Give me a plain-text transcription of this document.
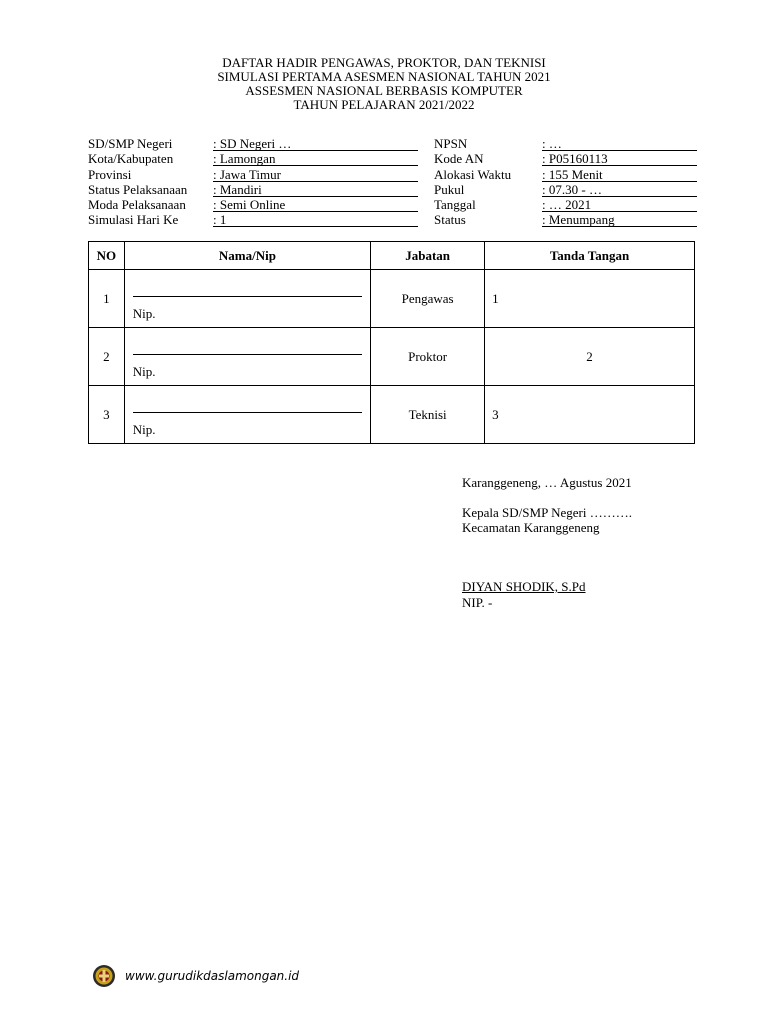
DAFTAR HADIR PENGAWAS, PROKTOR, DAN TEKNISI
SIMULASI PERTAMA ASESMEN NASIONAL TAHUN 2021
ASSESMEN NASIONAL BERBASIS KOMPUTER
TAHUN PELAJARAN 2021/2022
SD/SMP Negeri	: SD Negeri …
Kota/Kabupaten	: Lamongan
Provinsi	: Jawa Timur
Status Pelaksanaan : Mandiri
Moda Pelaksanaan : Semi Online
Simulasi Hari Ke	: 1
NPSN	: …
Kode AN	: P05160113
Alokasi Waktu : 155 Menit
Pukul	: 07.30 - …
Tanggal	: … 2021
Status	: Menumpang
NO	Nama/Nip	Jabatan	Tanda Tangan
1	Nip.	Pengawas	1
2	Nip.	Proktor	2
3	Nip.	Teknisi	3
Karanggeneng, … Agustus 2021
Kepala SD/SMP Negeri ……….
Kecamatan Karanggeneng
DIYAN SHODIK, S.Pd
NIP. -
www.gurudikdaslamongan.id
